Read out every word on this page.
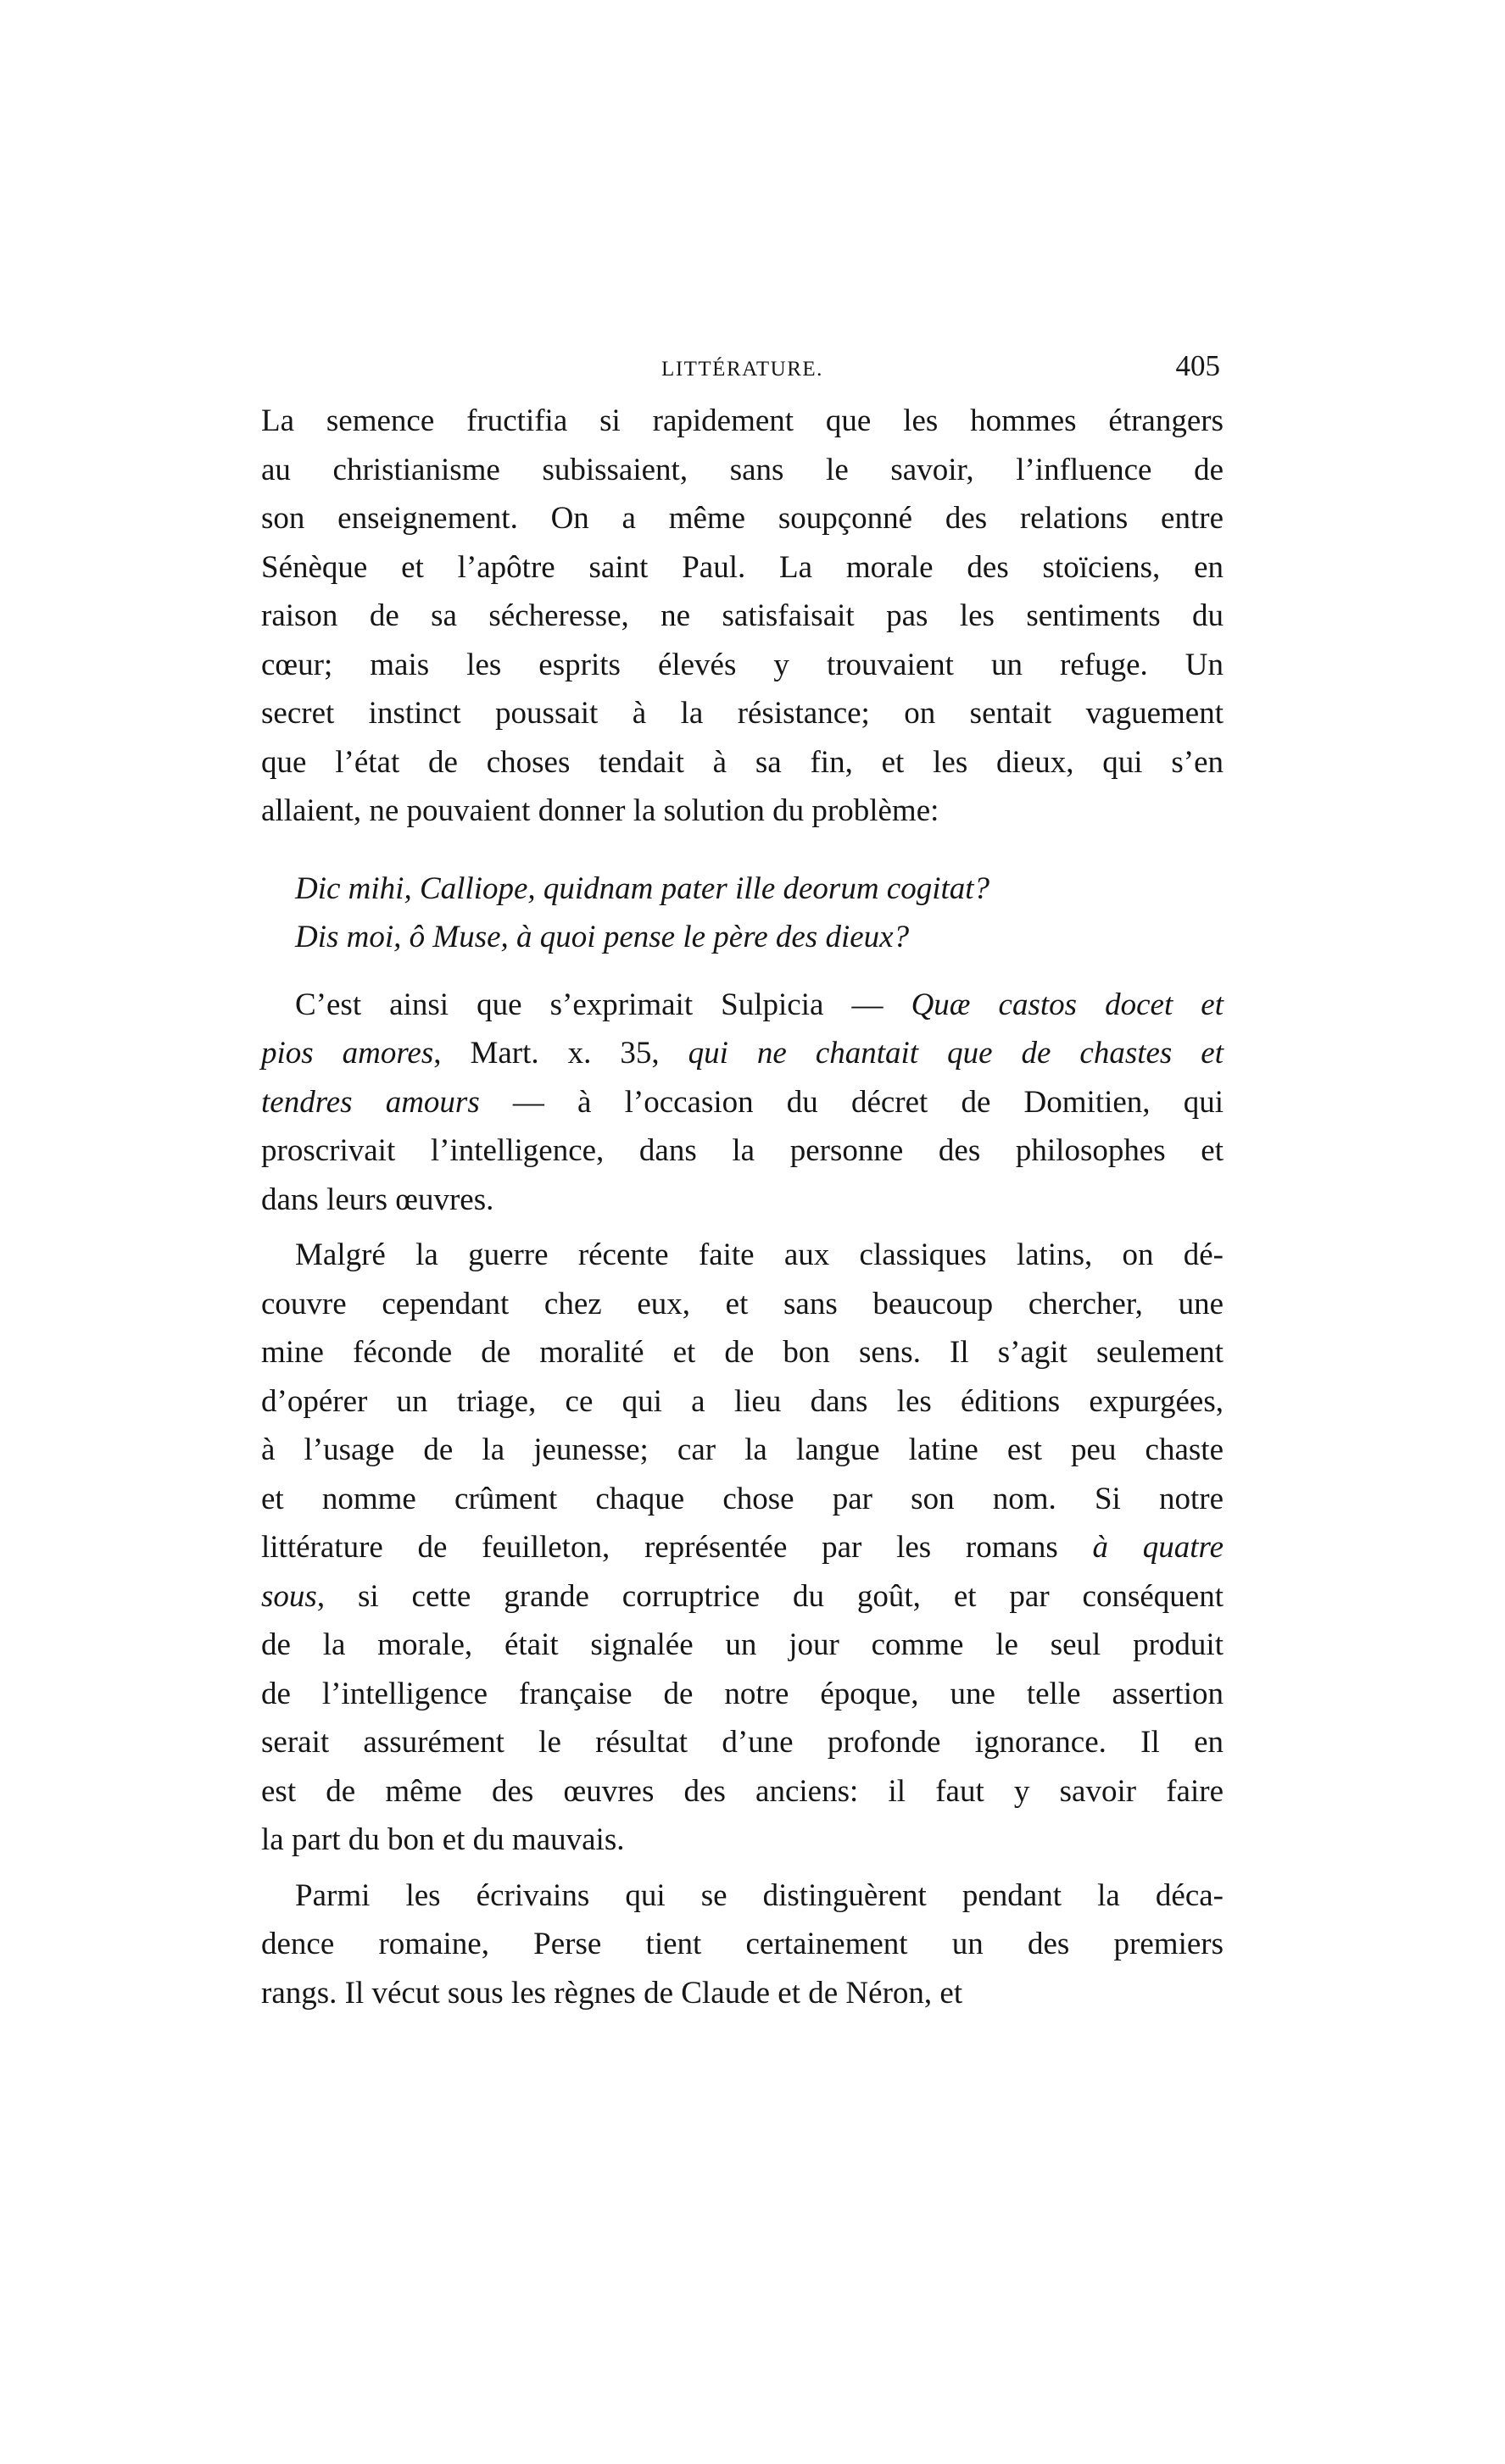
LITTÉRATURE.	405
La semence fructifia si rapidement que les hommes étrangers
au christianisme subissaient, sans le savoir, l’influence de
son enseignement. On a même soupçonné des relations entre
Sénèque et l’apôtre saint Paul. La morale des stoïciens, en
raison de sa sécheresse, ne satisfaisait pas les sentiments du
cœur; mais les esprits élevés y trouvaient un refuge. Un
secret instinct poussait à la résistance; on sentait vaguement
que l’état de choses tendait à sa fin, et les dieux, qui s’en
allaient, ne pouvaient donner la solution du problème:
Dic mihi, Calliope, quidnam pater ille deorum cogitat?
Dis moi, ô Muse, à quoi pense le père des dieux?
C’est ainsi que s’exprimait Sulpicia — Quæ castos docet et
pios amores, Mart. x. 35, qui ne chantait que de chastes et
tendres amours — à l’occasion du décret de Domitien, qui
proscrivait l’intelligence, dans la personne des philosophes et
dans leurs œuvres.
Malgré la guerre récente faite aux classiques latins, on dé-
couvre cependant chez eux, et sans beaucoup chercher, une
mine féconde de moralité et de bon sens. Il s’agit seulement
d’opérer un triage, ce qui a lieu dans les éditions expurgées,
à l’usage de la jeunesse; car la langue latine est peu chaste
et nomme crûment chaque chose par son nom. Si notre
littérature de feuilleton, représentée par les romans à quatre
sous, si cette grande corruptrice du goût, et par conséquent
de la morale, était signalée un jour comme le seul produit
de l’intelligence française de notre époque, une telle assertion
serait assurément le résultat d’une profonde ignorance. Il en
est de même des œuvres des anciens: il faut y savoir faire
la part du bon et du mauvais.
Parmi les écrivains qui se distinguèrent pendant la déca-
dence romaine, Perse tient certainement un des premiers
rangs. Il vécut sous les règnes de Claude et de Néron, et
